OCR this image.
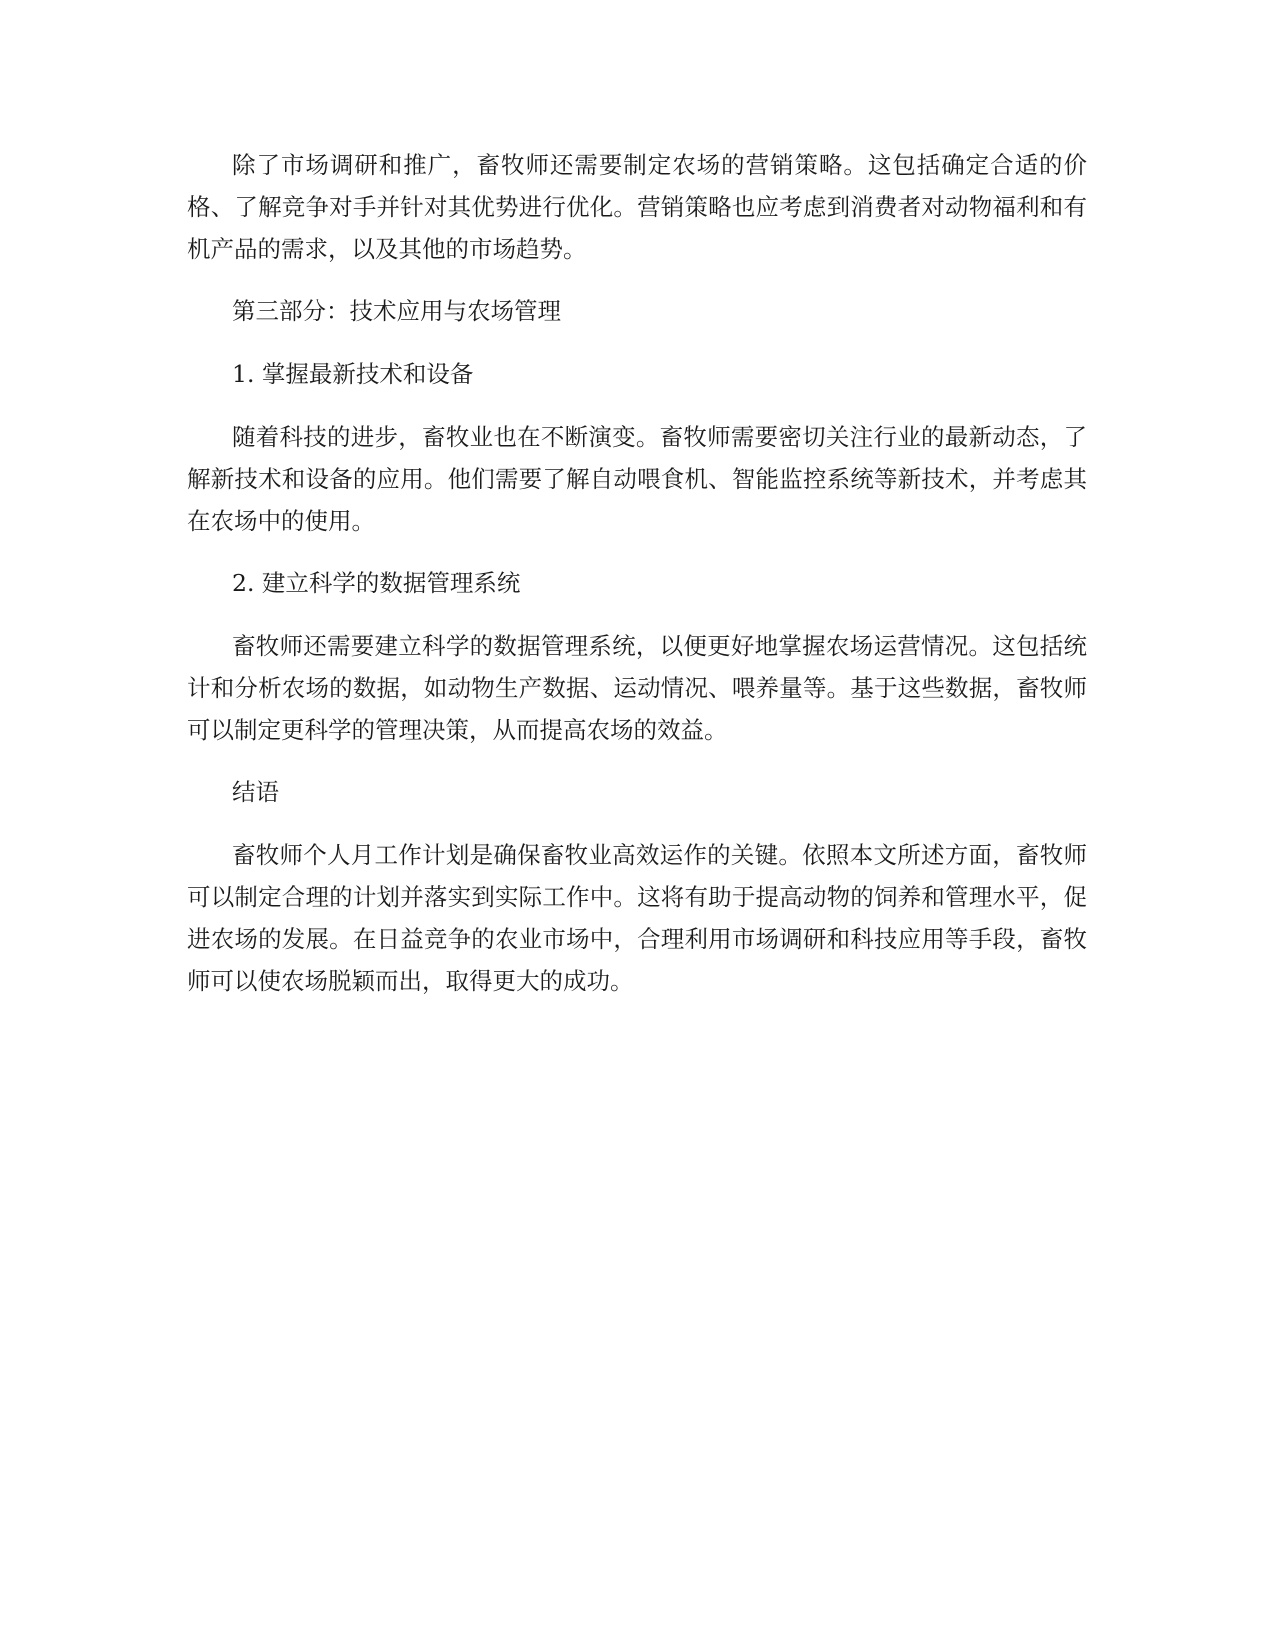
除了市场调研和推广，畜牧师还需要制定农场的营销策略。这包括确定合适的价格、了解竞争对手并针对其优势进行优化。营销策略也应考虑到消费者对动物福利和有机产品的需求，以及其他的市场趋势。

第三部分：技术应用与农场管理

1. 掌握最新技术和设备

随着科技的进步，畜牧业也在不断演变。畜牧师需要密切关注行业的最新动态，了解新技术和设备的应用。他们需要了解自动喂食机、智能监控系统等新技术，并考虑其在农场中的使用。

2. 建立科学的数据管理系统

畜牧师还需要建立科学的数据管理系统，以便更好地掌握农场运营情况。这包括统计和分析农场的数据，如动物生产数据、运动情况、喂养量等。基于这些数据，畜牧师可以制定更科学的管理决策，从而提高农场的效益。

结语

畜牧师个人月工作计划是确保畜牧业高效运作的关键。依照本文所述方面，畜牧师可以制定合理的计划并落实到实际工作中。这将有助于提高动物的饲养和管理水平，促进农场的发展。在日益竞争的农业市场中，合理利用市场调研和科技应用等手段，畜牧师可以使农场脱颖而出，取得更大的成功。
